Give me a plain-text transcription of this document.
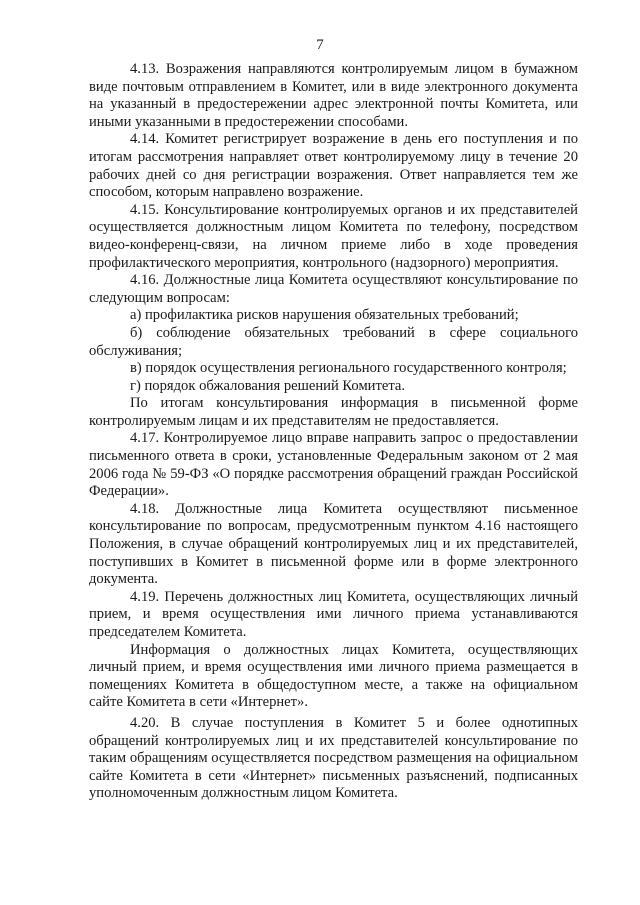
7

4.13. Возражения направляются контролируемым лицом в бумажном виде почтовым отправлением в Комитет, или в виде электронного документа на указанный в предостережении адрес электронной почты Комитета, или иными указанными в предостережении способами.

4.14. Комитет регистрирует возражение в день его поступления и по итогам рассмотрения направляет ответ контролируемому лицу в течение 20 рабочих дней со дня регистрации возражения. Ответ направляется тем же способом, которым направлено возражение.

4.15. Консультирование контролируемых органов и их представителей осуществляется должностным лицом Комитета по телефону, посредством видео-конференц-связи, на личном приеме либо в ходе проведения профилактического мероприятия, контрольного (надзорного) мероприятия.

4.16. Должностные лица Комитета осуществляют консультирование по следующим вопросам:

а) профилактика рисков нарушения обязательных требований;

б) соблюдение обязательных требований в сфере социального обслуживания;

в) порядок осуществления регионального государственного контроля;

г) порядок обжалования решений Комитета.

По итогам консультирования информация в письменной форме контролируемым лицам и их представителям не предоставляется.

4.17. Контролируемое лицо вправе направить запрос о предоставлении письменного ответа в сроки, установленные Федеральным законом от 2 мая 2006 года № 59-ФЗ «О порядке рассмотрения обращений граждан Российской Федерации».

4.18. Должностные лица Комитета осуществляют письменное консультирование по вопросам, предусмотренным пунктом 4.16 настоящего Положения, в случае обращений контролируемых лиц и их представителей, поступивших в Комитет в письменной форме или в форме электронного документа.

4.19. Перечень должностных лиц Комитета, осуществляющих личный прием, и время осуществления ими личного приема устанавливаются председателем Комитета.

Информация о должностных лицах Комитета, осуществляющих личный прием, и время осуществления ими личного приема размещается в помещениях Комитета в общедоступном месте, а также на официальном сайте Комитета в сети «Интернет».

4.20. В случае поступления в Комитет 5 и более однотипных обращений контролируемых лиц и их представителей консультирование по таким обращениям осуществляется посредством размещения на официальном сайте Комитета в сети «Интернет» письменных разъяснений, подписанных уполномоченным должностным лицом Комитета.
